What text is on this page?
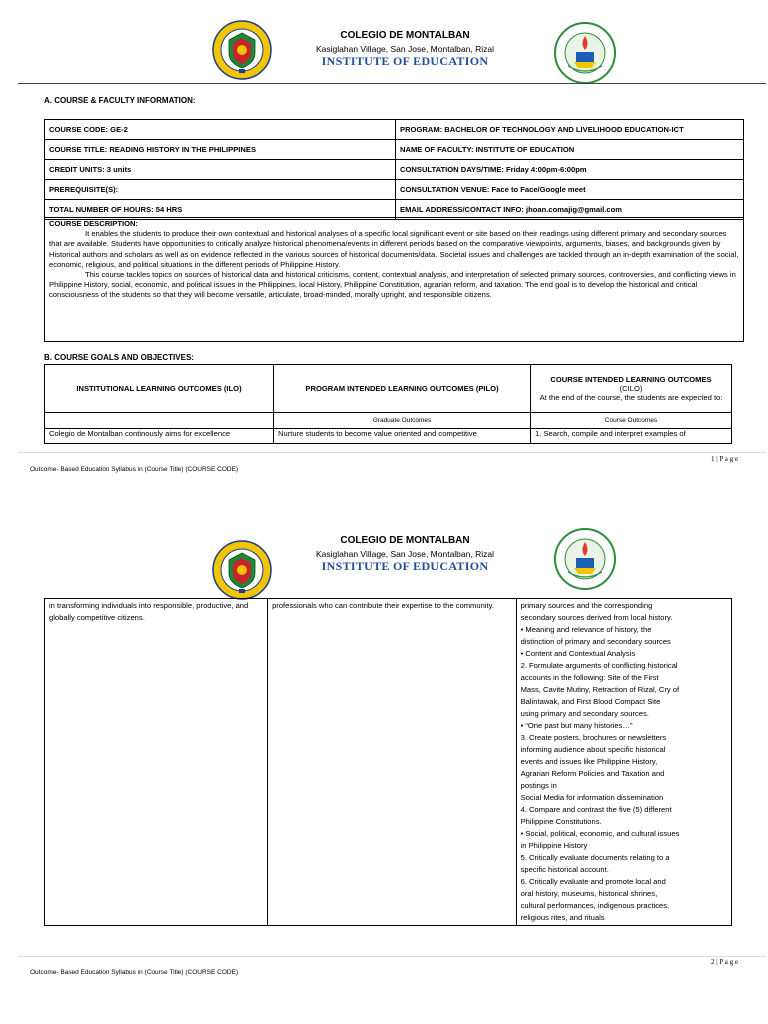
COLEGIO DE MONTALBAN
Kasiglahan Village, San Jose, Montalban, Rizal
INSTITUTE OF EDUCATION
A. COURSE & FACULTY INFORMATION:
COURSE CODE: GE-2	PROGRAM: BACHELOR OF TECHNOLOGY AND LIVELIHOOD EDUCATION-ICT
COURSE TITLE: READING HISTORY IN THE PHILIPPINES	NAME OF FACULTY: INSTITUTE OF EDUCATION
CREDIT UNITS: 3 units	CONSULTATION DAYS/TIME: Friday 4:00pm-6:00pm
PREREQUISITE(S):	CONSULTATION VENUE: Face to Face/Google meet
TOTAL NUMBER OF HOURS: 54 HRS	EMAIL ADDRESS/CONTACT INFO: jhoan.comajig@gmail.com
COURSE DESCRIPTION:

It enables the students to produce their own contextual and historical analyses of a specific local significant event or site based on their readings using different primary and secondary sources that are available. Students have opportunities to critically analyze historical phenomena/events in different periods based on the comparative viewpoints, arguments, biases, and backgrounds given by Historical authors and scholars as well as on evidence reflected in the various sources of historical documents/data. Societal issues and challenges are tackled through an in-depth examination of the social, economic, religious, and political situations in the different periods of Philippine History.

This course tackles topics on sources of historical data and historical criticisms, content, contextual analysis, and interpretation of selected primary sources, controversies, and conflicting views in Philippine History, social, economic, and political issues in the Philippines, local History, Philippine Constitution, agrarian reform, and taxation. The end goal is to develop the historical and critical consciousness of the students so that they will become versatile, articulate, broad-minded, morally upright, and responsible citizens.

B. COURSE GOALS AND OBJECTIVES:
INSTITUTIONAL LEARNING OUTCOMES (ILO)	PROGRAM INTENDED LEARNING OUTCOMES (PILO)	COURSE INTENDED LEARNING OUTCOMES
(CILO)
At the end of the course, the students are expected to:

	Graduate Outcomes	Course Outcomes
Colegio de Montalban continously aims for excellence	Nurture students to become value oriented and competitive	1. Search, compile and interpret examples of
1 | P a g e
Outcome- Based Education Syllabus in (Course Title) (COURSE CODE)
COLEGIO DE MONTALBAN
Kasiglahan Village, San Jose, Montalban, Rizal
INSTITUTE OF EDUCATION
in transforming individuals into responsible, productive, and globally competitive citizens.	professionals who can contribute their expertise to the community.	primary sources and the corresponding
secondary sources derived from local history.
• Meaning and relevance of history, the
distinction of primary and secondary sources
• Content and Contextual Analysis
2. Formulate arguments of conflicting historical
accounts in the following: Site of the First
Mass, Cavite Mutiny, Retraction of Rizal, Cry of
Balintawak, and First Blood Compact Site
using primary and secondary sources.
• “One past but many histories…”
3. Create posters, brochures or newsletters
informing audience about specific historical
events and issues like Philippine History,
Agrarian Reform Policies and Taxation and
postings in
Social Media for information dissemination
4. Compare and contrast the five (5) different
Philippine Constitutions.
• Social, political, economic, and cultural issues
in Philippine History
5. Critically evaluate documents relating to a
specific historical account.
6. Critically evaluate and promote local and
oral history, museums, historical shrines,
cultural performances, indigenous practices,
religious rites, and rituals
2 | P a g e
Outcome- Based Education Syllabus in (Course Title) (COURSE CODE)
